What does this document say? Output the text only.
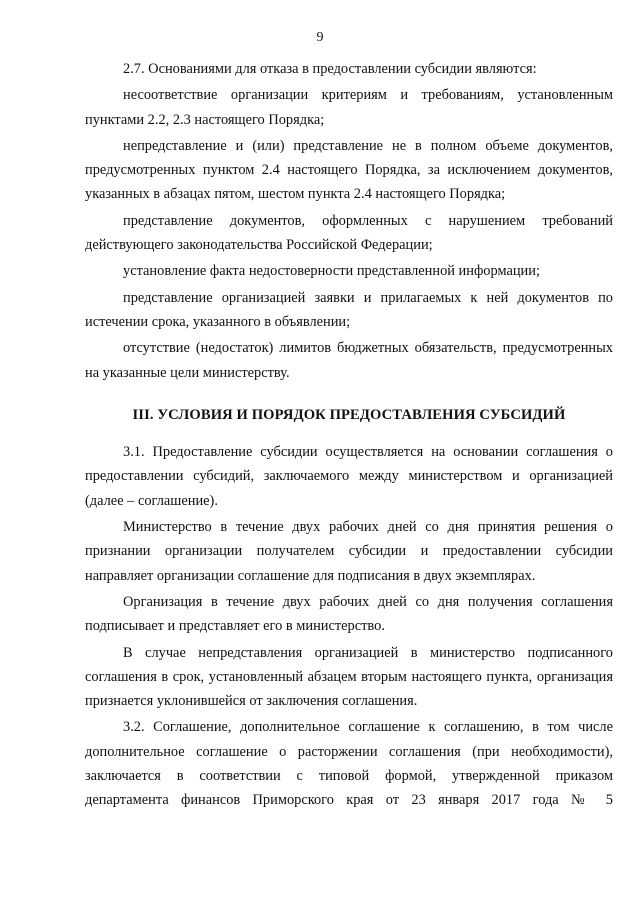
9

2.7. Основаниями для отказа в предоставлении субсидии являются:

несоответствие организации критериям и требованиям, установленным пунктами 2.2, 2.3 настоящего Порядка;

непредставление и (или) представление не в полном объеме документов, предусмотренных пунктом 2.4 настоящего Порядка, за исключением документов, указанных в абзацах пятом, шестом пункта 2.4 настоящего Порядка;

представление документов, оформленных с нарушением требований действующего законодательства Российской Федерации;

установление факта недостоверности представленной информации;

представление организацией заявки и прилагаемых к ней документов по истечении срока, указанного в объявлении;

отсутствие (недостаток) лимитов бюджетных обязательств, предусмотренных на указанные цели министерству.

III. УСЛОВИЯ И ПОРЯДОК ПРЕДОСТАВЛЕНИЯ СУБСИДИЙ

3.1. Предоставление субсидии осуществляется на основании соглашения о предоставлении субсидий, заключаемого между министерством и организацией (далее – соглашение).

Министерство в течение двух рабочих дней со дня принятия решения о признании организации получателем субсидии и предоставлении субсидии направляет организации соглашение для подписания в двух экземплярах.

Организация в течение двух рабочих дней со дня получения соглашения подписывает и представляет его в министерство.

В случае непредставления организацией в министерство подписанного соглашения в срок, установленный абзацем вторым настоящего пункта, организация признается уклонившейся от заключения соглашения.

3.2. Соглашение, дополнительное соглашение к соглашению, в том числе дополнительное соглашение о расторжении соглашения (при необходимости), заключается в соответствии с типовой формой, утвержденной приказом департамента финансов Приморского края от 23 января 2017 года № 5
